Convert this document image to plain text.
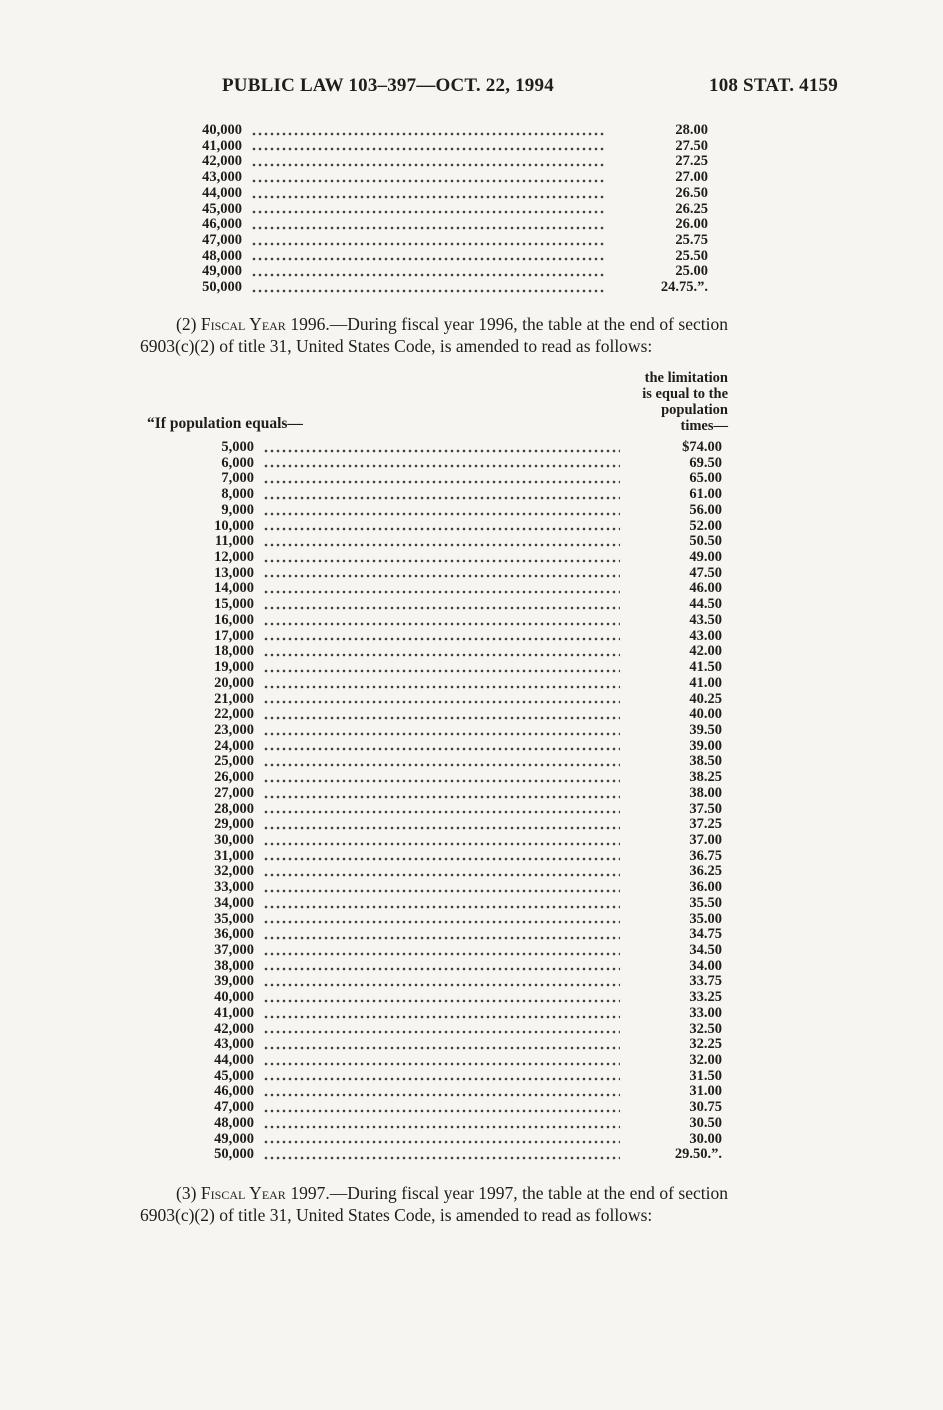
PUBLIC LAW 103–397—OCT. 22, 1994	108 STAT. 4159
40,000	28.00
41,000	27.50
42,000	27.25
43,000	27.00
44,000	26.50
45,000	26.25
46,000	26.00
47,000	25.75
48,000	25.50
49,000	25.00
50,000	24.75.”.

(2) Fiscal Year 1996.—During fiscal year 1996, the table at the end of section 6903(c)(2) of title 31, United States Code, is amended to read as follows:

“If population equals—
the limitation
is equal to the
population
times—
5,000	$74.00
6,000	69.50
7,000	65.00
8,000	61.00
9,000	56.00
10,000	52.00
11,000	50.50
12,000	49.00
13,000	47.50
14,000	46.00
15,000	44.50
16,000	43.50
17,000	43.00
18,000	42.00
19,000	41.50
20,000	41.00
21,000	40.25
22,000	40.00
23,000	39.50
24,000	39.00
25,000	38.50
26,000	38.25
27,000	38.00
28,000	37.50
29,000	37.25
30,000	37.00
31,000	36.75
32,000	36.25
33,000	36.00
34,000	35.50
35,000	35.00
36,000	34.75
37,000	34.50
38,000	34.00
39,000	33.75
40,000	33.25
41,000	33.00
42,000	32.50
43,000	32.25
44,000	32.00
45,000	31.50
46,000	31.00
47,000	30.75
48,000	30.50
49,000	30.00
50,000	29.50.”.

(3) Fiscal Year 1997.—During fiscal year 1997, the table at the end of section 6903(c)(2) of title 31, United States Code, is amended to read as follows:
